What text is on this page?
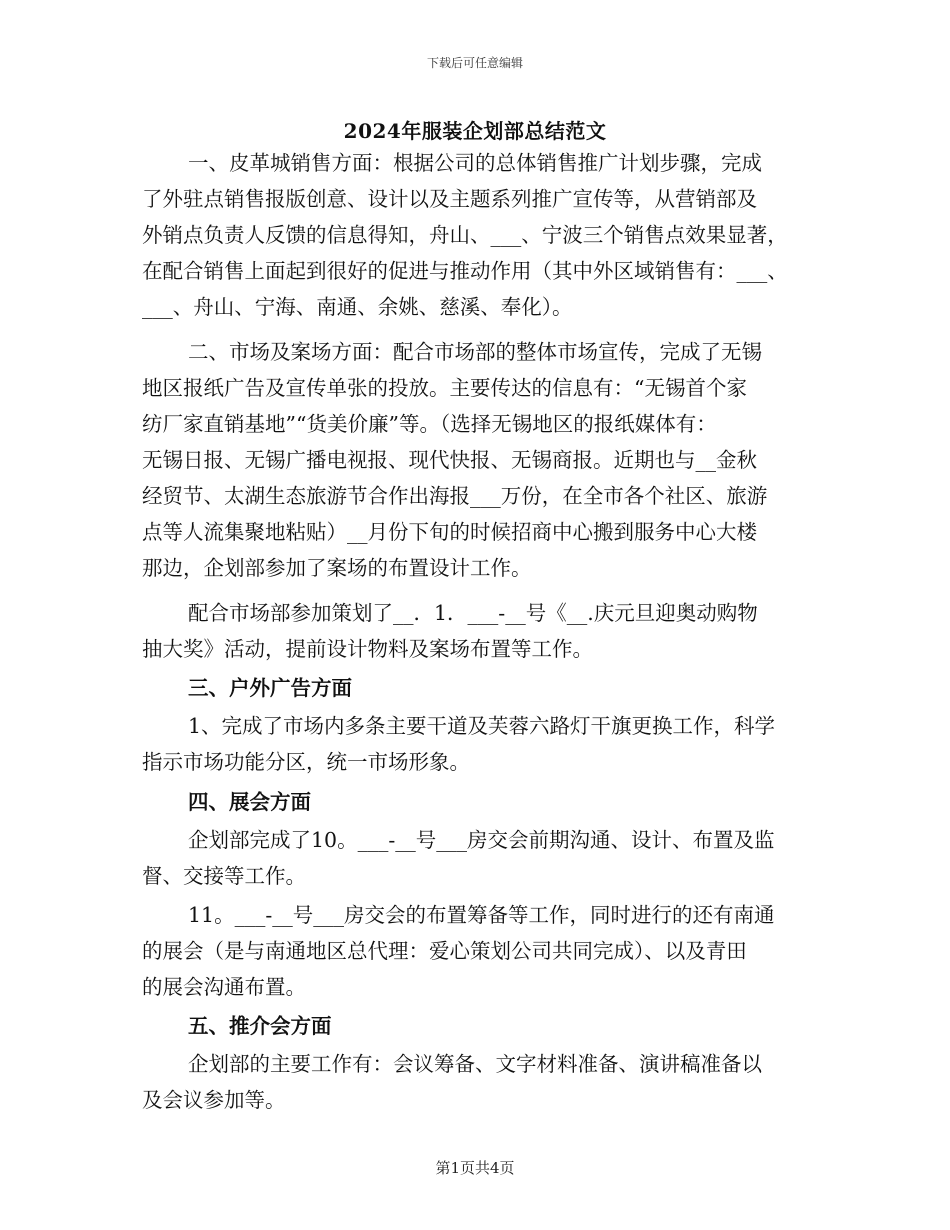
下载后可任意编辑
2024年服装企划部总结范文
一、皮革城销售方面：根据公司的总体销售推广计划步骤，完成
了外驻点销售报版创意、设计以及主题系列推广宣传等，从营销部及
外销点负责人反馈的信息得知，舟山、___、宁波三个销售点效果显著，
在配合销售上面起到很好的促进与推动作用（其中外区域销售有：___、
___、舟山、宁海、南通、余姚、慈溪、奉化）。
二、市场及案场方面：配合市场部的整体市场宣传，完成了无锡
地区报纸广告及宣传单张的投放。主要传达的信息有：“无锡首个家
纺厂家直销基地”“货美价廉”等。（选择无锡地区的报纸媒体有：
无锡日报、无锡广播电视报、现代快报、无锡商报。近期也与__金秋
经贸节、太湖生态旅游节合作出海报___万份，在全市各个社区、旅游
点等人流集聚地粘贴）__月份下旬的时候招商中心搬到服务中心大楼
那边，企划部参加了案场的布置设计工作。
配合市场部参加策划了__．1．___-__号《__.庆元旦迎奥动购物
抽大奖》活动，提前设计物料及案场布置等工作。
三、户外广告方面
1、完成了市场内多条主要干道及芙蓉六路灯干旗更换工作，科学
指示市场功能分区，统一市场形象。
四、展会方面
企划部完成了10。___-__号___房交会前期沟通、设计、布置及监
督、交接等工作。
11。___-__号___房交会的布置筹备等工作，同时进行的还有南通
的展会（是与南通地区总代理：爱心策划公司共同完成）、以及青田
的展会沟通布置。
五、推介会方面
企划部的主要工作有：会议筹备、文字材料准备、演讲稿准备以
及会议参加等。
第1页共4页
